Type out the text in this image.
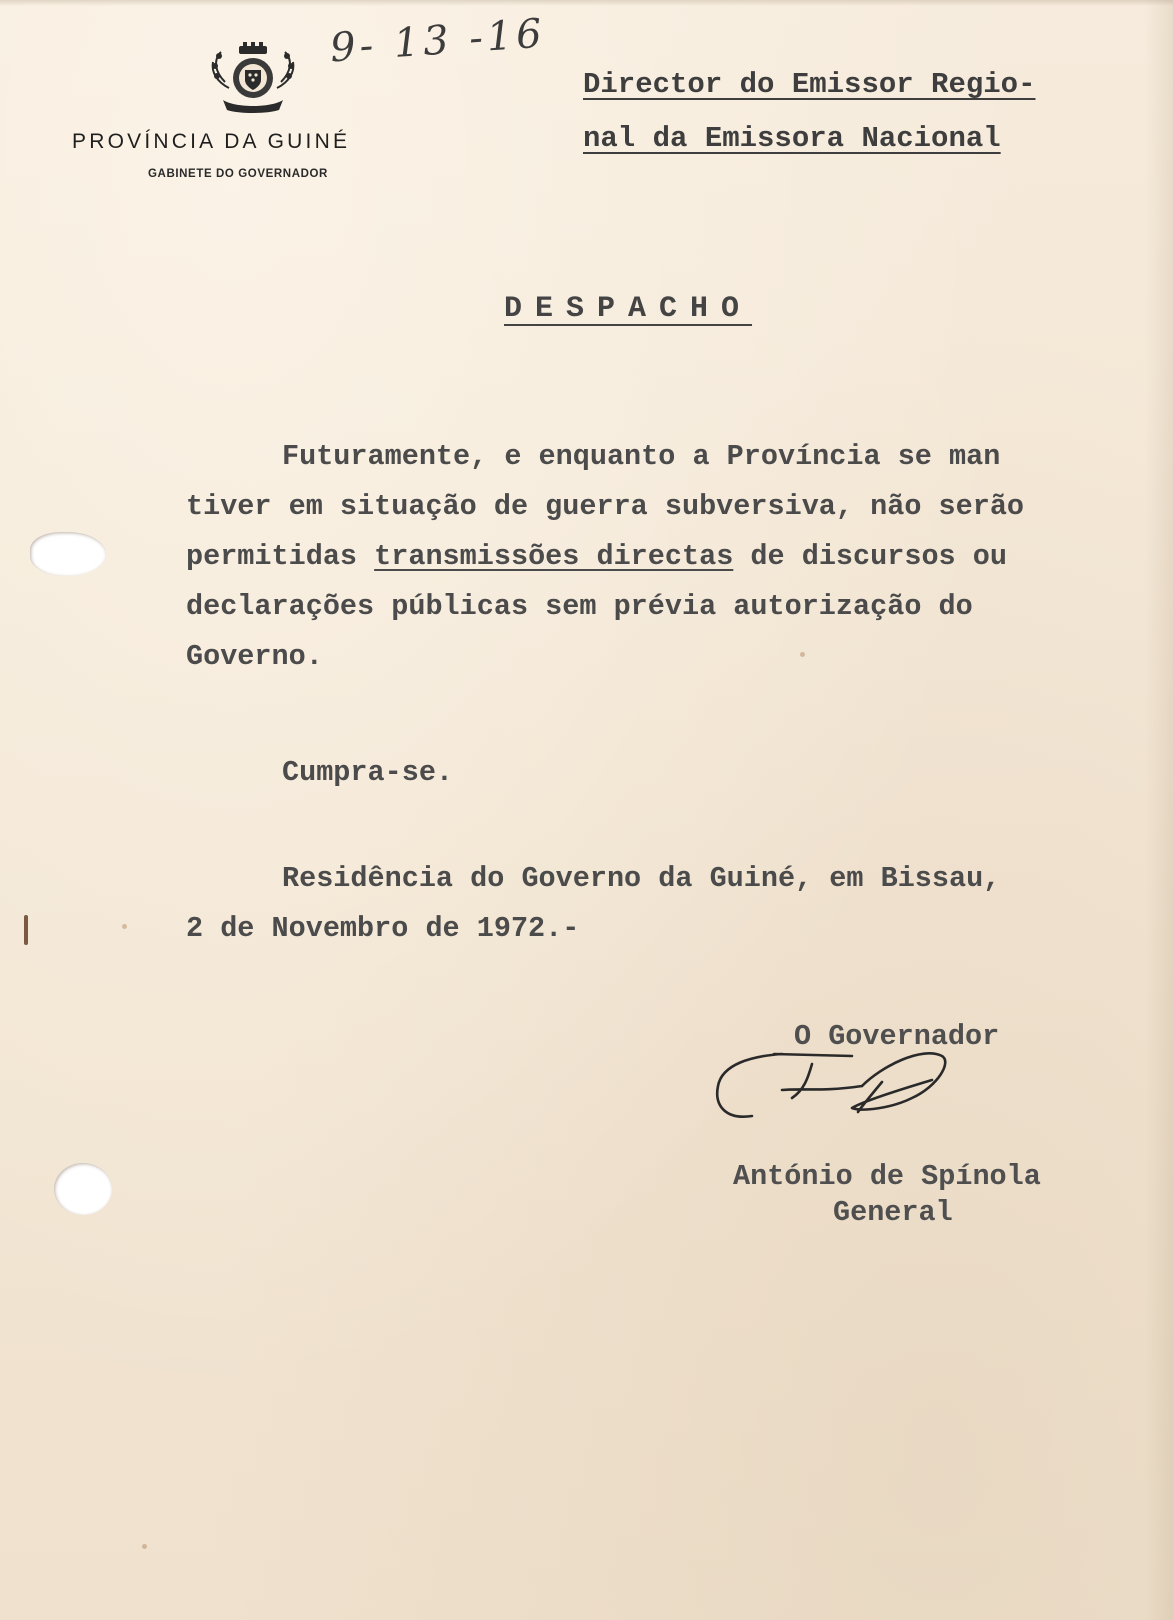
PROVÍNCIA DA GUINÉ
GABINETE DO GOVERNADOR
9- 13 -16
Director do Emissor Regio-
nal da Emissora Nacional
DESPACHO
Futuramente, e enquanto a Província se man
tiver em situação de guerra subversiva, não serão
permitidas transmissões directas de discursos ou
declarações públicas sem prévia autorização do
Governo.
Cumpra-se.
Residência do Governo da Guiné, em Bissau,
2 de Novembro de 1972.-
O Governador
António de Spínola
General
